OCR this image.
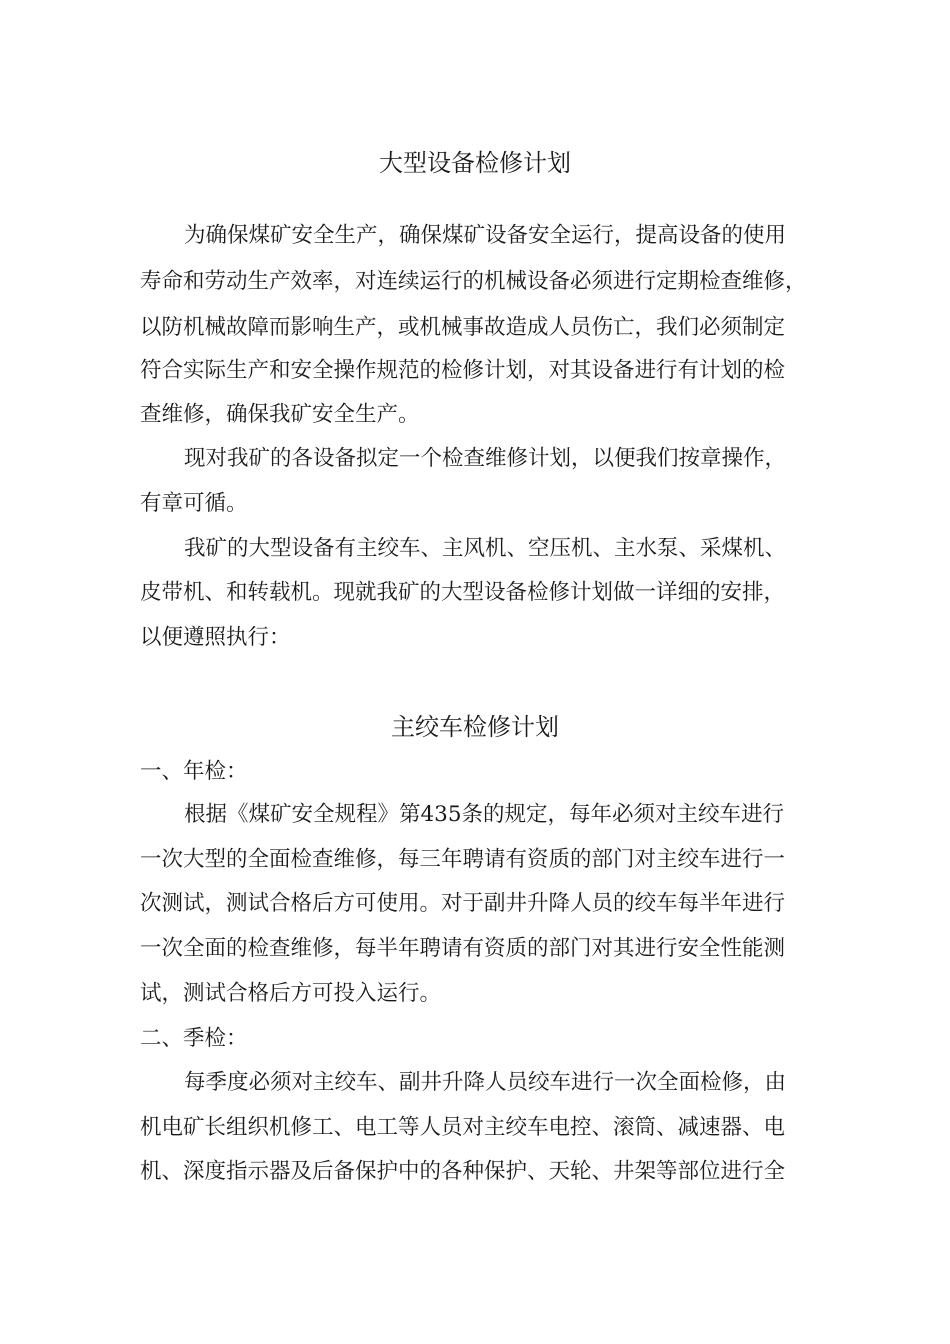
大型设备检修计划

为确保煤矿安全生产，确保煤矿设备安全运行，提高设备的使用

寿命和劳动生产效率，对连续运行的机械设备必须进行定期检查维修，

以防机械故障而影响生产，或机械事故造成人员伤亡，我们必须制定

符合实际生产和安全操作规范的检修计划，对其设备进行有计划的检

查维修，确保我矿安全生产。

现对我矿的各设备拟定一个检查维修计划，以便我们按章操作，

有章可循。

我矿的大型设备有主绞车、主风机、空压机、主水泵、采煤机、

皮带机、和转载机。现就我矿的大型设备检修计划做一详细的安排，

以便遵照执行：

主绞车检修计划

一、年检：

根据《煤矿安全规程》第435条的规定，每年必须对主绞车进行

一次大型的全面检查维修，每三年聘请有资质的部门对主绞车进行一

次测试，测试合格后方可使用。对于副井升降人员的绞车每半年进行

一次全面的检查维修，每半年聘请有资质的部门对其进行安全性能测

试，测试合格后方可投入运行。

二、季检：

每季度必须对主绞车、副井升降人员绞车进行一次全面检修，由

机电矿长组织机修工、电工等人员对主绞车电控、滚筒、减速器、电

机、深度指示器及后备保护中的各种保护、天轮、井架等部位进行全
